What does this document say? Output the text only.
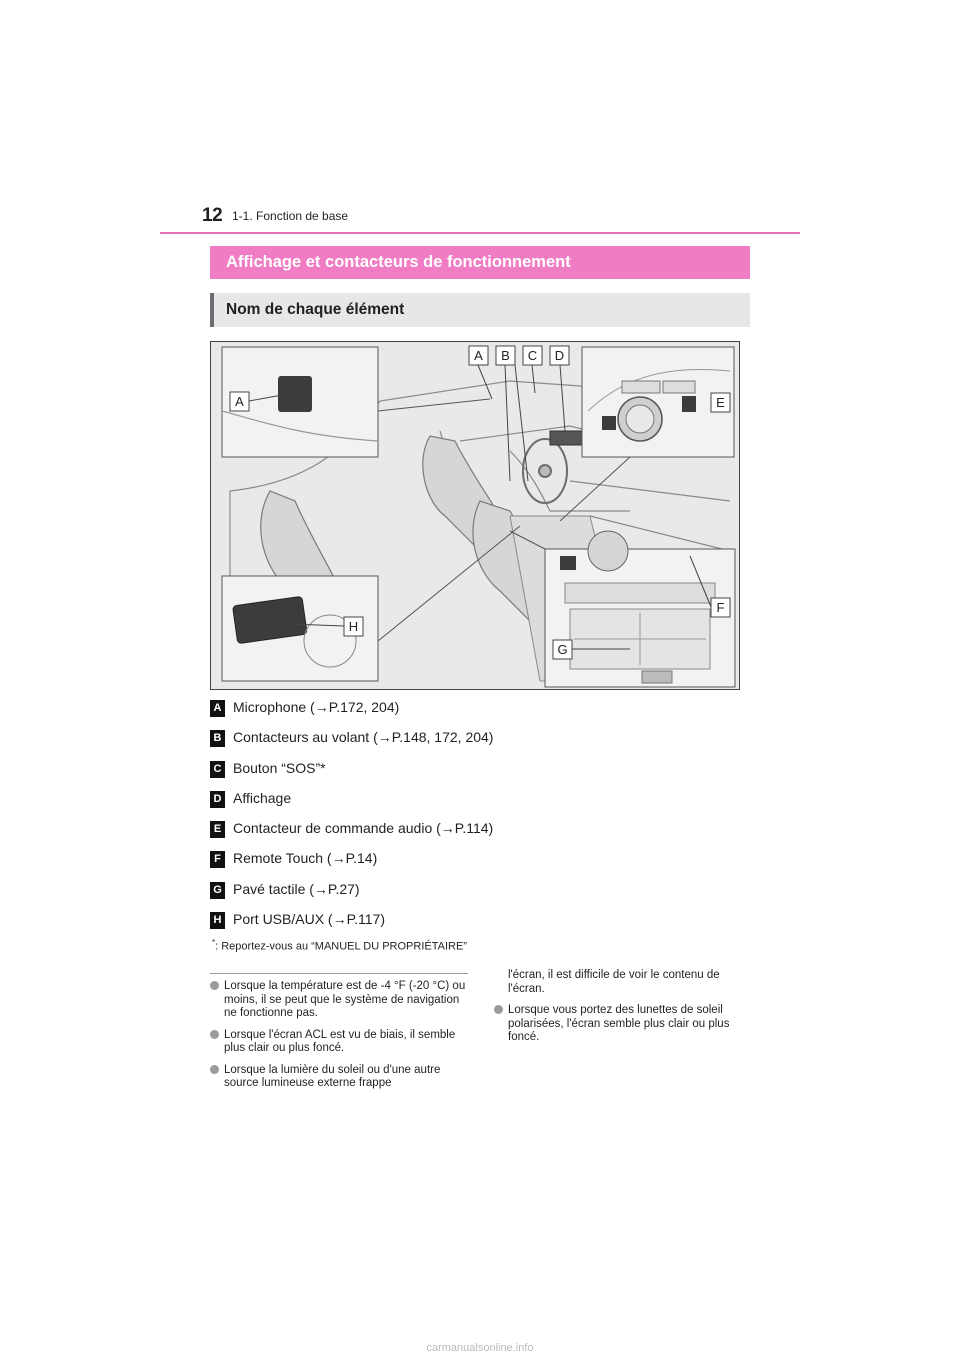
12 1-1. Fonction de base
Affichage et contacteurs de fonctionnement
Nom de chaque élément
A
A B C D
E
F
G
H
A Microphone (→P.172, 204)
B Contacteurs au volant (→P.148, 172, 204)
C Bouton “SOS”*
D Affichage
E Contacteur de commande audio (→P.114)
F Remote Touch (→P.14)
G Pavé tactile (→P.27)
H Port USB/AUX (→P.117)
*: Reportez-vous au “MANUEL DU PROPRIÉTAIRE”
Lorsque la température est de -4 °F (-20 °C) ou moins, il se peut que le système de navigation ne fonctionne pas.
Lorsque l'écran ACL est vu de biais, il semble plus clair ou plus foncé.
Lorsque la lumière du soleil ou d'une autre source lumineuse externe frappe
l'écran, il est difficile de voir le contenu de l'écran.
Lorsque vous portez des lunettes de soleil polarisées, l'écran semble plus clair ou plus foncé.
carmanualsonline.info
